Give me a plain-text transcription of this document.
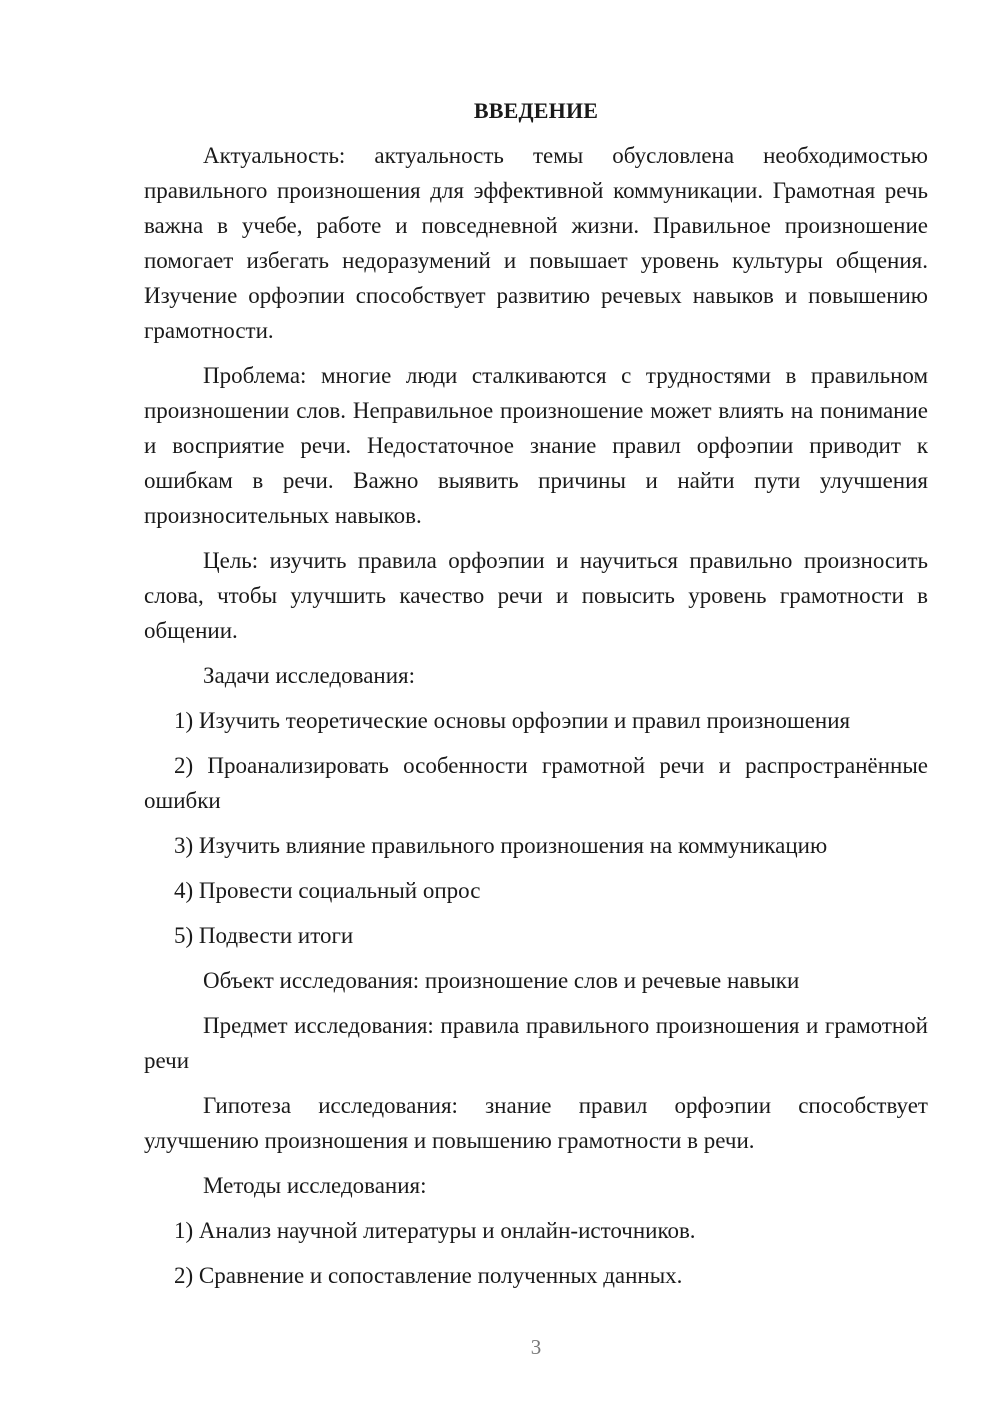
ВВЕДЕНИЕ

Актуальность: актуальность темы обусловлена необходимостью правильного произношения для эффективной коммуникации. Грамотная речь важна в учебе, работе и повседневной жизни. Правильное произношение помогает избегать недоразумений и повышает уровень культуры общения. Изучение орфоэпии способствует развитию речевых навыков и повышению грамотности.

Проблема: многие люди сталкиваются с трудностями в правильном произношении слов. Неправильное произношение может влиять на понимание и восприятие речи. Недостаточное знание правил орфоэпии приводит к ошибкам в речи. Важно выявить причины и найти пути улучшения произносительных навыков.

Цель: изучить правила орфоэпии и научиться правильно произносить слова, чтобы улучшить качество речи и повысить уровень грамотности в общении.

Задачи исследования:

1) Изучить теоретические основы орфоэпии и правил произношения

2) Проанализировать особенности грамотной речи и распространённые ошибки

3) Изучить влияние правильного произношения на коммуникацию

4) Провести социальный опрос

5) Подвести итоги

Объект исследования: произношение слов и речевые навыки

Предмет исследования: правила правильного произношения и грамотной речи

Гипотеза исследования: знание правил орфоэпии способствует улучшению произношения и повышению грамотности в речи.

Методы исследования:

1) Анализ научной литературы и онлайн-источников.

2) Сравнение и сопоставление полученных данных.

3
